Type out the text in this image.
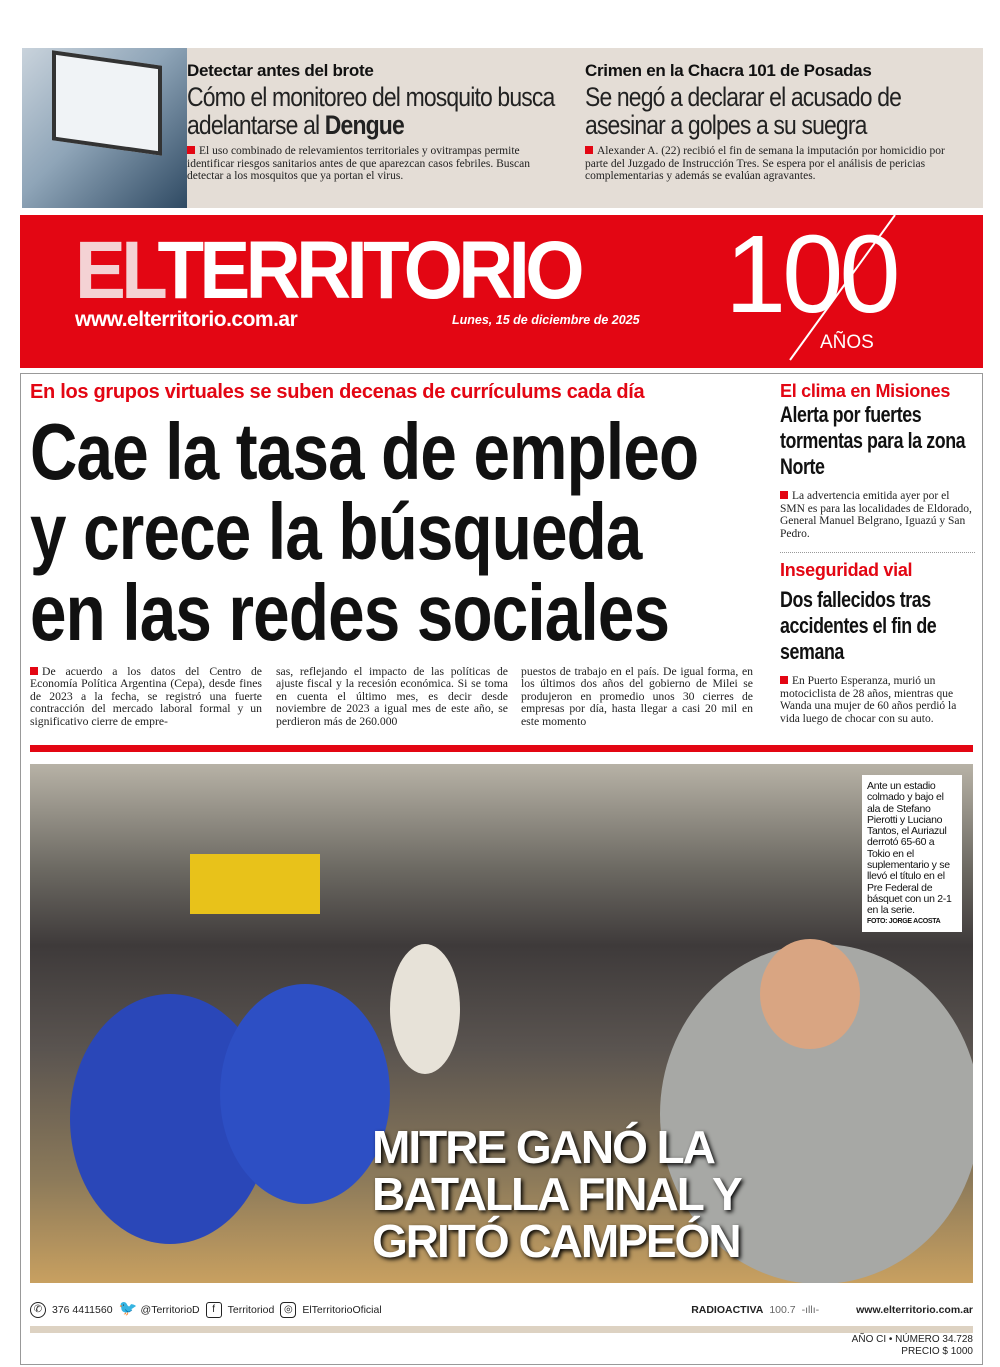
Detectar antes del brote
Cómo el monitoreo del mosquito busca adelantarse al Dengue
El uso combinado de relevamientos territoriales y ovitrampas permite identificar riesgos sanitarios antes de que aparezcan casos febriles. Buscan detectar a los mosquitos que ya portan el virus.
Crimen en la Chacra 101 de Posadas
Se negó a declarar el acusado de asesinar a golpes a su suegra
Alexander A. (22) recibió el fin de semana la imputación por homicidio por parte del Juzgado de Instrucción Tres. Se espera por el análisis de pericias complementarias y además se evalúan agravantes.
ELTERRITORIO
www.elterritorio.com.ar	Lunes, 15 de diciembre de 2025 100
AÑOS
En los grupos virtuales se suben decenas de currículums cada día
Cae la tasa de empleo
y crece la búsqueda
en las redes sociales
De acuerdo a los datos del Centro de Economía Política Argentina (Cepa), desde fines de 2023 a la fecha, se registró una fuerte contracción del mercado laboral formal y un significativo cierre de empre-
sas, reflejando el impacto de las políticas de ajuste fiscal y la recesión económica. Si se toma en cuenta el último mes, es decir desde noviembre de 2023 a igual mes de este año, se perdieron más de 260.000
puestos de trabajo en el país. De igual forma, en los últimos dos años del gobierno de Milei se produjeron en promedio unos 30 cierres de empresas por día, hasta llegar a casi 20 mil en este momento
El clima en Misiones
Alerta por fuertes tormentas para la zona Norte
La advertencia emitida ayer por el SMN es para las localidades de Eldorado, General Manuel Belgrano, Iguazú y San Pedro.
Inseguridad vial
Dos fallecidos tras accidentes el fin de semana
En Puerto Esperanza, murió un motociclista de 28 años, mientras que Wanda una mujer de 60 años perdió la vida luego de chocar con su auto.
Ante un estadio colmado y bajo el ala de Stefano Pierotti y Luciano Tantos, el Auriazul derrotó 65-60 a Tokio en el suplementario y se llevó el título en el Pre Federal de básquet con un 2-1 en la serie.
FOTO: JORGE ACOSTA
MITRE GANÓ LA
BATALLA FINAL Y
GRITÓ CAMPEÓN
✆ 376 4411560 🐦 @TerritorioD	f	Territoriod ◎ ElTerritorioOficial	RADIOACTIVA 100.7 -ıllı-	www.elterritorio.com.ar
AÑO CI • NÚMERO 34.728
PRECIO $ 1000
